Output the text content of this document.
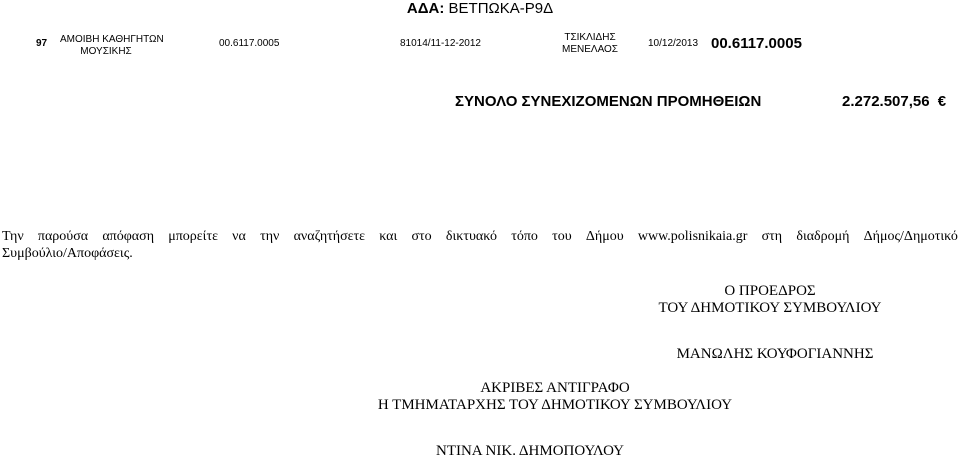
ΑΔΑ: ΒΕΤΠΩΚΑ-Ρ9Δ
97 ΑΜΟΙΒΗ ΚΑΘΗΓΗΤΩΝ
ΜΟΥΣΙΚΗΣ
00.6117.0005	81014/11-12-2012
ΤΣΙΚΛΙΔΗΣ
ΜΕΝΕΛΑΟΣ
10/12/2013 00.6117.0005
ΣΥΝΟΛΟ ΣΥΝΕΧΙΖΟΜΕΝΩΝ ΠΡΟΜΗΘΕΙΩΝ	2.272.507,56 €
Την παρούσα απόφαση μπορείτε να την αναζητήσετε και στο δικτυακό τόπο του Δήμου www.polisnikaia.gr στη διαδρομή Δήμος/Δημοτικό
Συμβούλιο/Αποφάσεις.
Ο ΠΡΟΕΔΡΟΣ
ΤΟΥ ΔΗΜΟΤΙΚΟΥ ΣΥΜΒΟΥΛΙΟΥ
ΜΑΝΩΛΗΣ ΚΟΥΦΟΓΙΑΝΝΗΣ
ΑΚΡΙΒΕΣ ΑΝΤΙΓΡΑΦΟ
Η ΤΜΗΜΑΤΑΡΧΗΣ ΤΟΥ ΔΗΜΟΤΙΚΟΥ ΣΥΜΒΟΥΛΙΟΥ
ΝΤΙΝΑ ΝΙΚ. ΔΗΜΟΠΟΥΛΟΥ
